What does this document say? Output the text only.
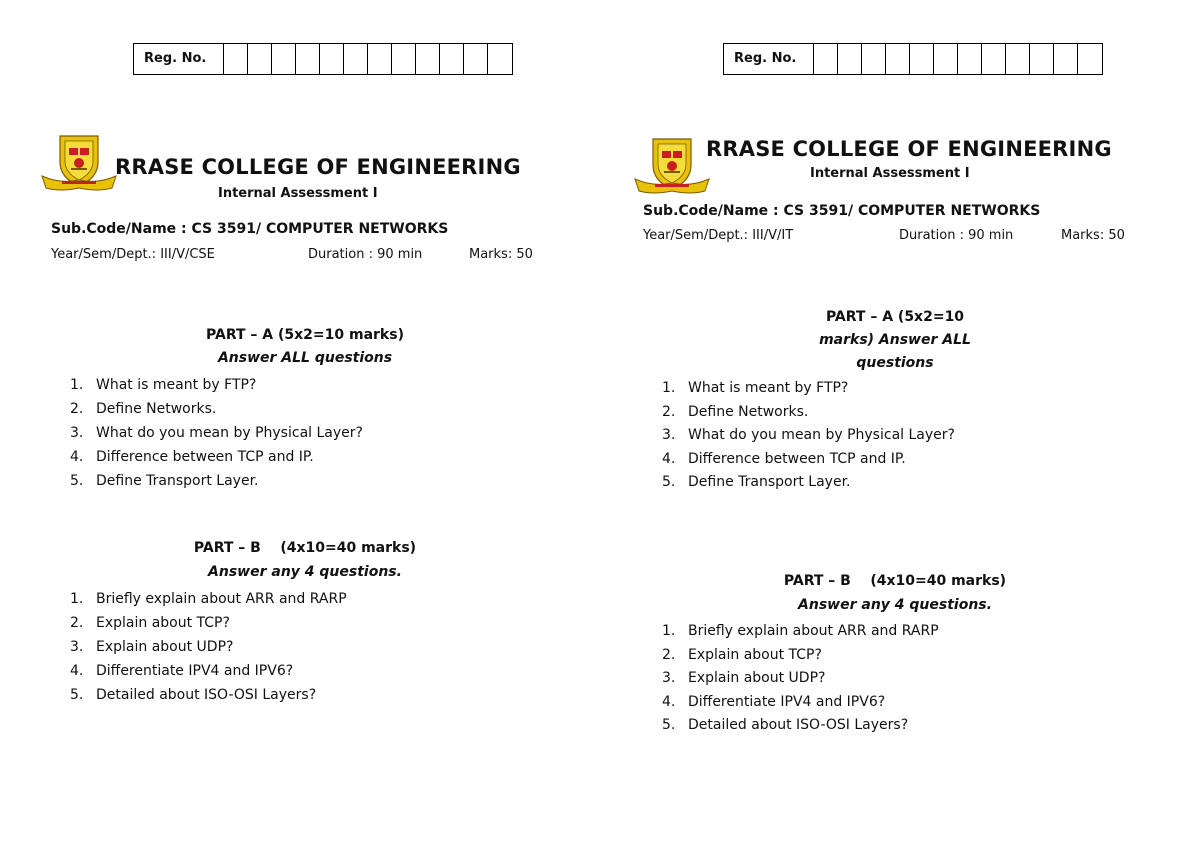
Reg. No.
RRASE COLLEGE OF ENGINEERING
Internal Assessment I
Sub.Code/Name : CS 3591/ COMPUTER NETWORKS
Year/Sem/Dept.: III/V/CSE	Duration : 90 min	Marks: 50
PART – A (5x2=10 marks)
Answer ALL questions
1. What is meant by FTP?
2. Define Networks.
3. What do you mean by Physical Layer?
4. Difference between TCP and IP.
5. Define Transport Layer.
PART – B    (4x10=40 marks)
Answer any 4 questions.
1. Briefly explain about ARR and RARP
2. Explain about TCP?
3. Explain about UDP?
4. Differentiate IPV4 and IPV6?
5. Detailed about ISO-OSI Layers?
Reg. No.
RRASE COLLEGE OF ENGINEERING
Internal Assessment I
Sub.Code/Name : CS 3591/ COMPUTER NETWORKS
Year/Sem/Dept.: III/V/IT	Duration : 90 min	Marks: 50
PART – A (5x2=10
marks) Answer ALL
questions
1. What is meant by FTP?
2. Define Networks.
3. What do you mean by Physical Layer?
4. Difference between TCP and IP.
5. Define Transport Layer.
PART – B    (4x10=40 marks)
Answer any 4 questions.
1. Briefly explain about ARR and RARP
2. Explain about TCP?
3. Explain about UDP?
4. Differentiate IPV4 and IPV6?
5. Detailed about ISO-OSI Layers?
